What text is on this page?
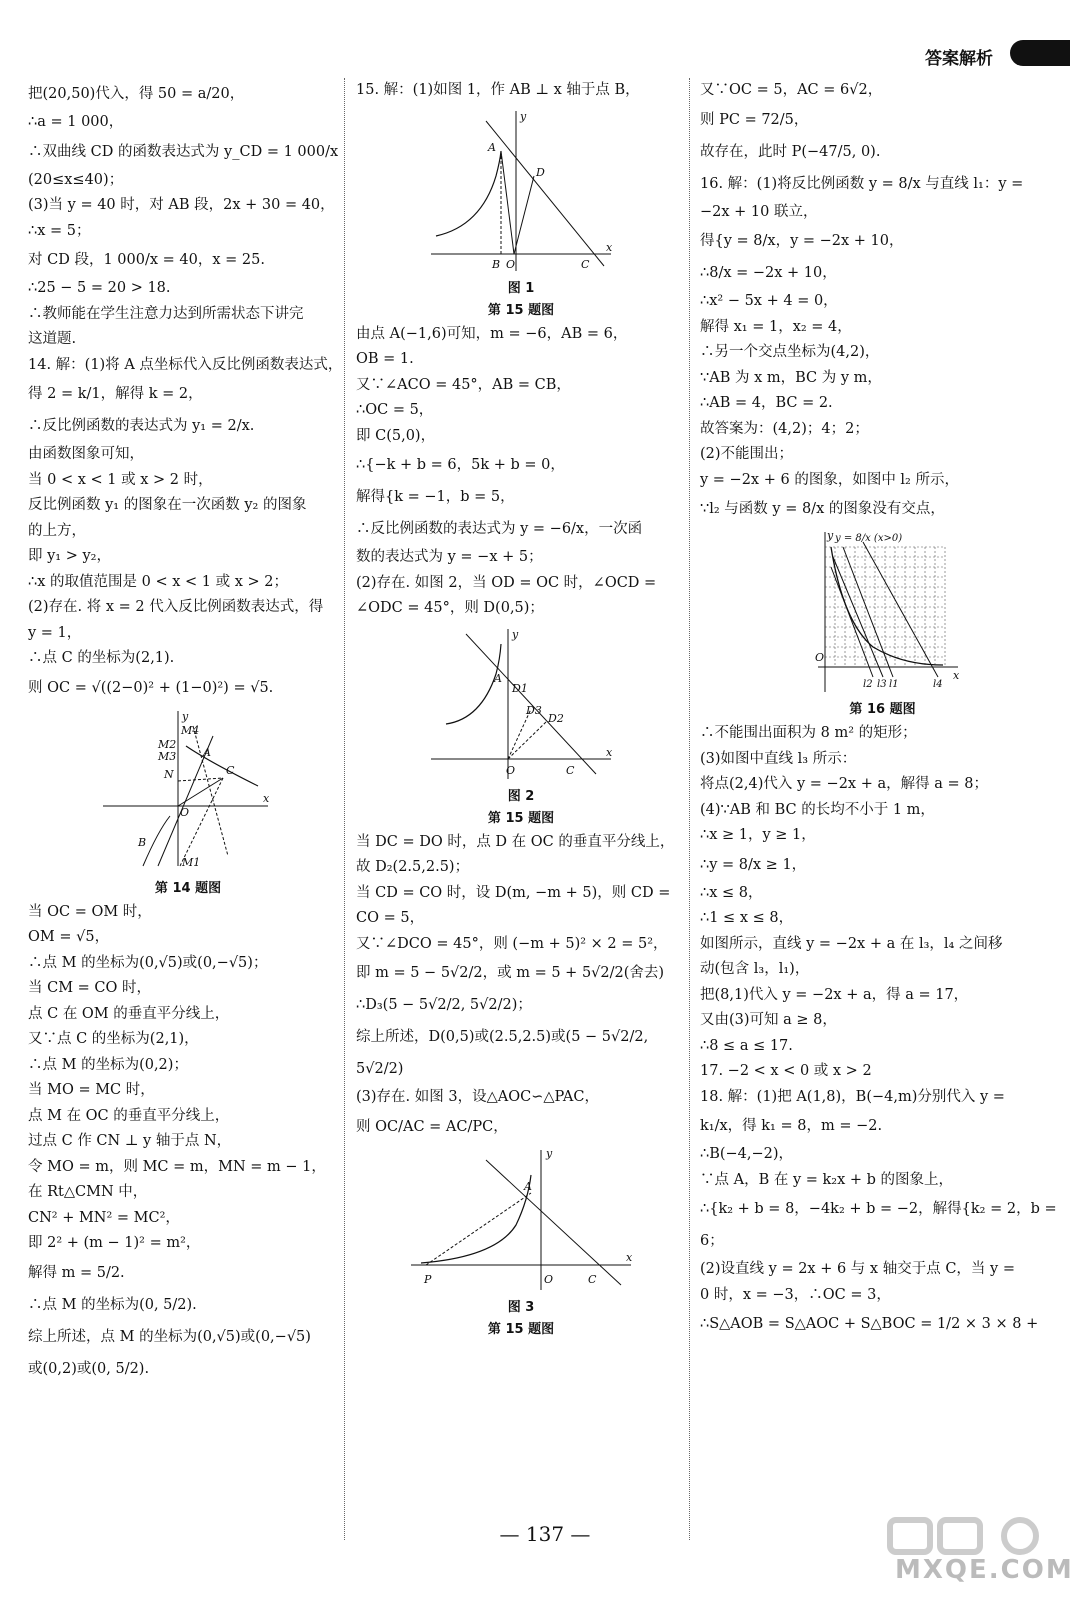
答案解析

把(20,50)代入，得 50 = a/20，

∴a = 1 000，

∴双曲线 CD 的函数表达式为 y_CD = 1 000/x

(20≤x≤40)；

(3)当 y = 40 时，对 AB 段，2x + 30 = 40，

∴x = 5；

对 CD 段，1 000/x = 40，x = 25.

∴25 − 5 = 20 > 18.

∴教师能在学生注意力达到所需状态下讲完

这道题.

14. 解：(1)将 A 点坐标代入反比例函数表达式，

得 2 = k/1，解得 k = 2，

∴反比例函数的表达式为 y₁ = 2/x.

由函数图象可知，

当 0 < x < 1 或 x > 2 时，

反比例函数 y₁ 的图象在一次函数 y₂ 的图象

的上方，

即 y₁ > y₂，

∴x 的取值范围是 0 < x < 1 或 x > 2；

(2)存在. 将 x = 2 代入反比例函数表达式，得

y = 1，

∴点 C 的坐标为(2,1).

则 OC = √((2−0)² + (1−0)²) = √5.

y
M4
M2
M3
N
A
C
O
B
M1
x
第 14 题图

当 OC = OM 时，

OM = √5，

∴点 M 的坐标为(0,√5)或(0,−√5)；

当 CM = CO 时，

点 C 在 OM 的垂直平分线上，

又∵点 C 的坐标为(2,1)，

∴点 M 的坐标为(0,2)；

当 MO = MC 时，

点 M 在 OC 的垂直平分线上，

过点 C 作 CN ⊥ y 轴于点 N，

令 MO = m，则 MC = m，MN = m − 1，

在 Rt△CMN 中，

CN² + MN² = MC²，

即 2² + (m − 1)² = m²，

解得 m = 5/2.

∴点 M 的坐标为(0, 5/2).

综上所述，点 M 的坐标为(0,√5)或(0,−√5)

或(0,2)或(0, 5/2).

15. 解：(1)如图 1，作 AB ⊥ x 轴于点 B，

y
A
D
B O	C
x
图 1
第 15 题图

由点 A(−1,6)可知，m = −6，AB = 6，

OB = 1.

又∵∠ACO = 45°，AB = CB，

∴OC = 5，

即 C(5,0)，

∴{−k + b = 6，5k + b = 0，

解得{k = −1，b = 5，

∴反比例函数的表达式为 y = −6/x，一次函

数的表达式为 y = −x + 5；

(2)存在. 如图 2，当 OD = OC 时，∠OCD =

∠ODC = 45°，则 D(0,5)；

y
A
D1
D3
D2
O	C
x
图 2
第 15 题图

当 DC = DO 时，点 D 在 OC 的垂直平分线上，

故 D₂(2.5,2.5)；

当 CD = CO 时，设 D(m, −m + 5)，则 CD =

CO = 5，

又∵∠DCO = 45°，则 (−m + 5)² × 2 = 5²，

即 m = 5 − 5√2/2，或 m = 5 + 5√2/2(舍去)

∴D₃(5 − 5√2/2, 5√2/2)；

综上所述，D(0,5)或(2.5,2.5)或(5 − 5√2/2, 5√2/2)

(3)存在. 如图 3，设△AOC∽△PAC，

则 OC/AC = AC/PC，

y
A
P	O	C
x
图 3
第 15 题图

又∵OC = 5，AC = 6√2，

则 PC = 72/5，

故存在，此时 P(−47/5, 0).

16. 解：(1)将反比例函数 y = 8/x 与直线 l₁：y =

−2x + 10 联立，

得{y = 8/x，y = −2x + 10，

∴8/x = −2x + 10，

∴x² − 5x + 4 = 0，

解得 x₁ = 1，x₂ = 4，

∴另一个交点坐标为(4,2)，

∵AB 为 x m，BC 为 y m，

∴AB = 4，BC = 2.

故答案为：(4,2)；4；2；

(2)不能围出；

y = −2x + 6 的图象，如图中 l₂ 所示，

∵l₂ 与函数 y = 8/x 的图象没有交点，

y y = 8/x (x>0)
O
x
l2 l3 l1	l4
第 16 题图

∴不能围出面积为 8 m² 的矩形；

(3)如图中直线 l₃ 所示：

将点(2,4)代入 y = −2x + a，解得 a = 8；

(4)∵AB 和 BC 的长均不小于 1 m，

∴x ≥ 1，y ≥ 1，

∴y = 8/x ≥ 1，

∴x ≤ 8，

∴1 ≤ x ≤ 8，

如图所示，直线 y = −2x + a 在 l₃，l₄ 之间移

动(包含 l₃，l₁)，

把(8,1)代入 y = −2x + a，得 a = 17，

又由(3)可知 a ≥ 8，

∴8 ≤ a ≤ 17.

17. −2 < x < 0 或 x > 2

18. 解：(1)把 A(1,8)，B(−4,m)分别代入 y =

k₁/x，得 k₁ = 8，m = −2.

∴B(−4,−2)，

∵点 A，B 在 y = k₂x + b 的图象上，

∴{k₂ + b = 8，−4k₂ + b = −2，解得{k₂ = 2，b = 6；

(2)设直线 y = 2x + 6 与 x 轴交于点 C，当 y =

0 时，x = −3，∴OC = 3，

∴S△AOB = S△AOC + S△BOC = 1/2 × 3 × 8 +

— 137 —
MXQE.COM
